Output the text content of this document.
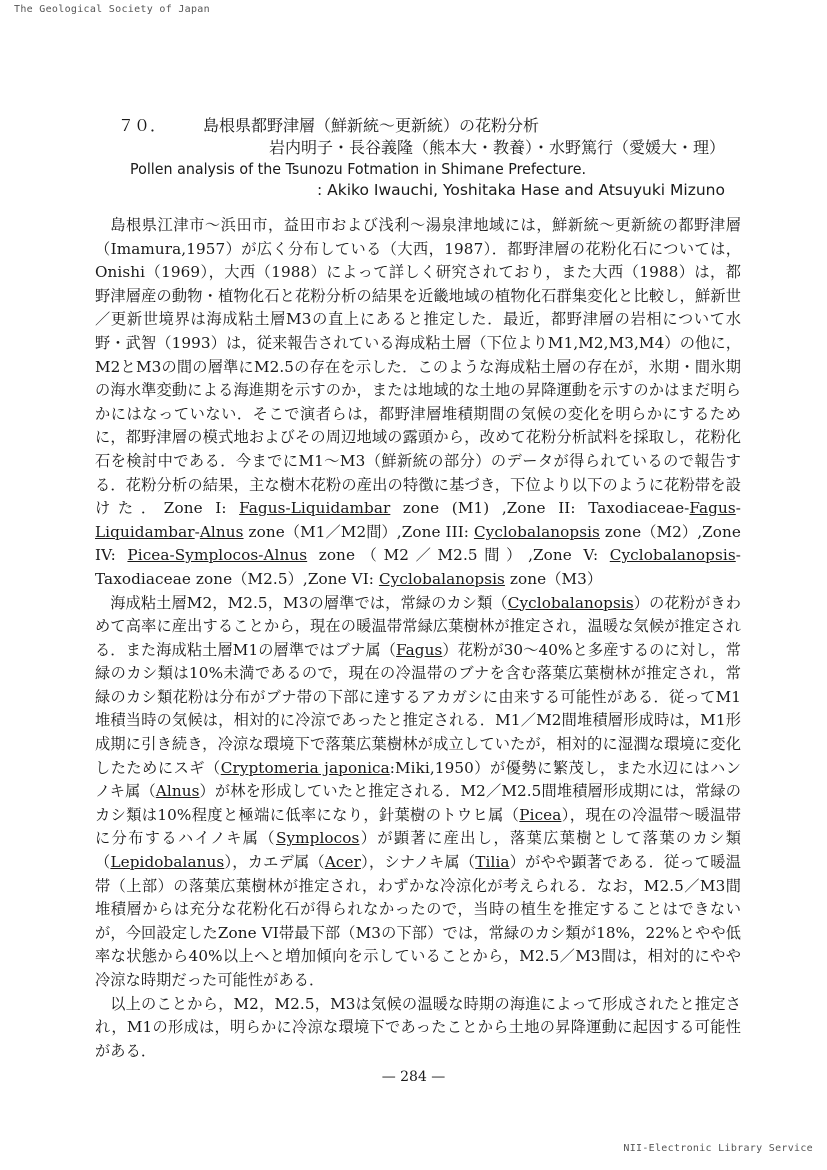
The Geological Society of Japan
７０． 島根県都野津層（鮮新統〜更新統）の花粉分析
岩内明子・長谷義隆（熊本大・教養）・水野篤行（愛媛大・理）
Pollen analysis of the Tsunozu Fotmation in Shimane Prefecture.
: Akiko Iwauchi, Yoshitaka Hase and Atsuyuki Mizuno

島根県江津市〜浜田市，益田市および浅利〜湯泉津地域には，鮮新統〜更新統の都野津層（Imamura,1957）が広く分布している（大西，1987）．都野津層の花粉化石については，Onishi（1969），大西（1988）によって詳しく研究されており，また大西（1988）は，都野津層産の動物・植物化石と花粉分析の結果を近畿地域の植物化石群集変化と比較し，鮮新世／更新世境界は海成粘土層M3の直上にあると推定した．最近，都野津層の岩相について水野・武智（1993）は，従来報告されている海成粘土層（下位よりM1,M2,M3,M4）の他に，M2とM3の間の層準にM2.5の存在を示した．このような海成粘土層の存在が，氷期・間氷期の海水準変動による海進期を示すのか，または地域的な土地の昇降運動を示すのかはまだ明らかにはなっていない．そこで演者らは，都野津層堆積期間の気候の変化を明らかにするために，都野津層の模式地およびその周辺地域の露頭から，改めて花粉分析試料を採取し，花粉化石を検討中である．今までにM1〜M3（鮮新統の部分）のデータが得られているので報告する．花粉分析の結果，主な樹木花粉の産出の特徴に基づき，下位より以下のように花粉帯を設けた．Zone I: Fagus-Liquidambar zone (M1) ,Zone II: Taxodiaceae-Fagus-Liquidambar-Alnus zone（M1／M2間）,Zone III: Cyclobalanopsis zone（M2）,Zone IV: Picea-Symplocos-Alnus zone（M2／M2.5間）,Zone V: Cyclobalanopsis-Taxodiaceae zone（M2.5）,Zone VI: Cyclobalanopsis zone（M3）

海成粘土層M2，M2.5，M3の層準では，常緑のカシ類（Cyclobalanopsis）の花粉がきわめて高率に産出することから，現在の暖温帯常緑広葉樹林が推定され，温暖な気候が推定される．また海成粘土層M1の層準ではブナ属（Fagus）花粉が30〜40%と多産するのに対し，常緑のカシ類は10%未満であるので，現在の冷温帯のブナを含む落葉広葉樹林が推定され，常緑のカシ類花粉は分布がブナ帯の下部に達するアカガシに由来する可能性がある．従ってM1堆積当時の気候は，相対的に冷涼であったと推定される．M1／M2間堆積層形成時は，M1形成期に引き続き，冷涼な環境下で落葉広葉樹林が成立していたが，相対的に湿潤な環境に変化したためにスギ（Cryptomeria japonica:Miki,1950）が優勢に繁茂し，また水辺にはハンノキ属（Alnus）が林を形成していたと推定される．M2／M2.5間堆積層形成期には，常緑のカシ類は10%程度と極端に低率になり，針葉樹のトウヒ属（Picea），現在の冷温帯〜暖温帯に分布するハイノキ属（Symplocos）が顕著に産出し，落葉広葉樹として落葉のカシ類（Lepidobalanus），カエデ属（Acer），シナノキ属（Tilia）がやや顕著である．従って暖温帯（上部）の落葉広葉樹林が推定され，わずかな冷涼化が考えられる．なお，M2.5／M3間堆積層からは充分な花粉化石が得られなかったので，当時の植生を推定することはできないが，今回設定したZone VI帯最下部（M3の下部）では，常緑のカシ類が18%，22%とやや低率な状態から40%以上へと増加傾向を示していることから，M2.5／M3間は，相対的にやや冷涼な時期だった可能性がある．

以上のことから，M2，M2.5，M3は気候の温暖な時期の海進によって形成されたと推定され，M1の形成は，明らかに冷涼な環境下であったことから土地の昇降運動に起因する可能性がある．

— 284 —
NII-Electronic Library Service
